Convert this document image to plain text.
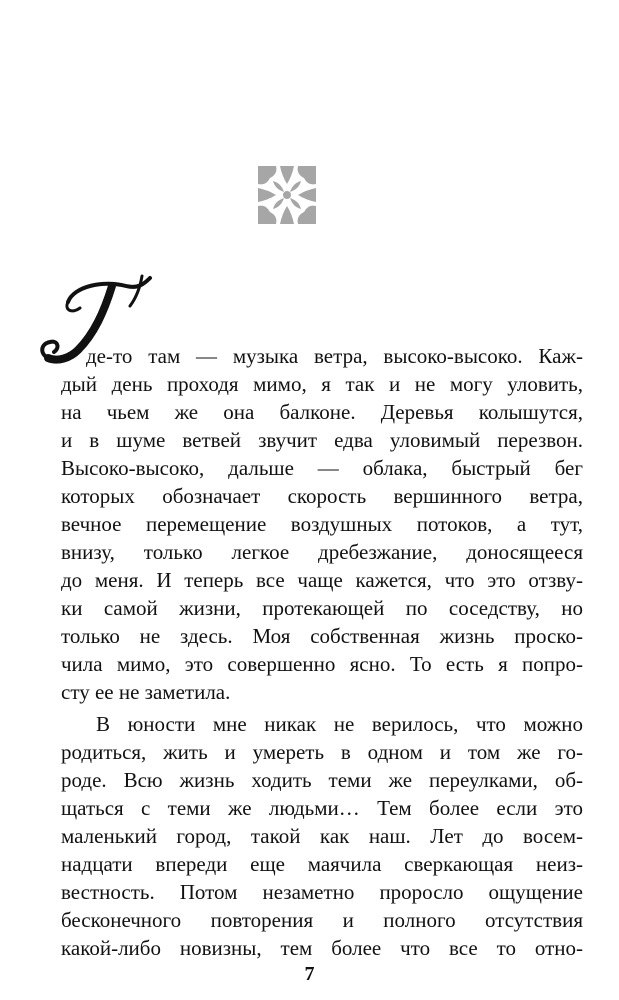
де-то там — музыка ветра, высоко-высоко. Каж-
дый день проходя мимо, я так и не могу уловить,
на чьем же она балконе. Деревья колышутся,
и в шуме ветвей звучит едва уловимый перезвон.
Высоко-высоко, дальше — облака, быстрый бег
которых обозначает скорость вершинного ветра,
вечное перемещение воздушных потоков, а тут,
внизу, только легкое дребезжание, доносящееся
до меня. И теперь все чаще кажется, что это отзву-
ки самой жизни, протекающей по соседству, но
только не здесь. Моя собственная жизнь проско-
чила мимо, это совершенно ясно. То есть я попро-
сту ее не заметила.
В юности мне никак не верилось, что можно
родиться, жить и умереть в одном и том же го-
роде. Всю жизнь ходить теми же переулками, об-
щаться с теми же людьми… Тем более если это
маленький город, такой как наш. Лет до восем-
надцати впереди еще маячила сверкающая неиз-
вестность. Потом незаметно проросло ощущение
бесконечного повторения и полного отсутствия
какой-либо новизны, тем более что все то отно-
7
